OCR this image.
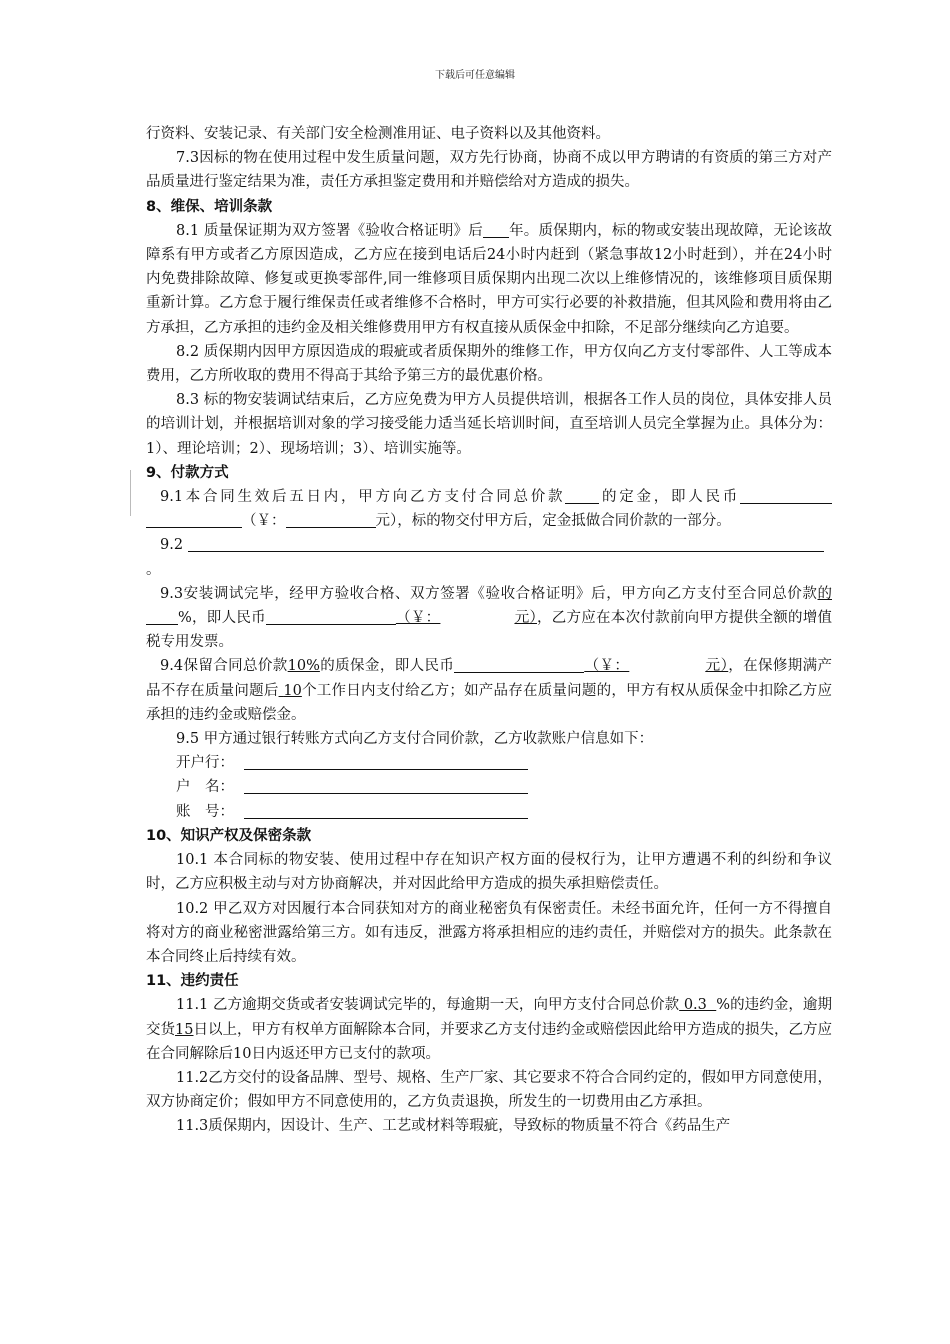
下载后可任意编辑

行资料、安装记录、有关部门安全检测准用证、电子资料以及其他资料。

7.3因标的物在使用过程中发生质量问题，双方先行协商，协商不成以甲方聘请的有资质的第三方对产品质量进行鉴定结果为准，责任方承担鉴定费用和并赔偿给对方造成的损失。

8、维保、培训条款

8.1 质量保证期为双方签署《验收合格证明》后 年。质保期内，标的物或安装出现故障，无论该故障系有甲方或者乙方原因造成，乙方应在接到电话后24小时内赶到（紧急事故12小时赶到），并在24小时内免费排除故障、修复或更换零部件,同一维修项目质保期内出现二次以上维修情况的，该维修项目质保期重新计算。乙方怠于履行维保责任或者维修不合格时，甲方可实行必要的补救措施，但其风险和费用将由乙方承担，乙方承担的违约金及相关维修费用甲方有权直接从质保金中扣除，不足部分继续向乙方追要。

8.2 质保期内因甲方原因造成的瑕疵或者质保期外的维修工作，甲方仅向乙方支付零部件、人工等成本费用，乙方所收取的费用不得高于其给予第三方的最优惠价格。

8.3 标的物安装调试结束后，乙方应免费为甲方人员提供培训，根据各工作人员的岗位，具体安排人员的培训计划，并根据培训对象的学习接受能力适当延长培训时间，直至培训人员完全掌握为止。具体分为：1）、理论培训；2）、现场培训；3）、培训实施等。

9、付款方式

9.1本合同生效后五日内，甲方向乙方支付合同总价款 的定金，即人民币（￥：	元），标的物交付甲方后，定金抵做合同价款的一部分。

9.2

。

9.3安装调试完毕，经甲方验收合格、双方签署《验收合格证明》后，甲方向乙方支付至合同总价款的%，即人民币	（￥：	元），乙方应在本次付款前向甲方提供全额的增值税专用发票。

9.4保留合同总价款10%的质保金，即人民币	（￥：	元），在保修期满产品不存在质量问题后 10个工作日内支付给乙方；如产品存在质量问题的，甲方有权从质保金中扣除乙方应承担的违约金或赔偿金。

9.5 甲方通过银行转账方式向乙方支付合同价款，乙方收款账户信息如下：

开户行：

户　名：

账　号：

10、知识产权及保密条款

10.1 本合同标的物安装、使用过程中存在知识产权方面的侵权行为，让甲方遭遇不利的纠纷和争议时，乙方应积极主动与对方协商解决，并对因此给甲方造成的损失承担赔偿责任。

10.2 甲乙双方对因履行本合同获知对方的商业秘密负有保密责任。未经书面允许，任何一方不得擅自将对方的商业秘密泄露给第三方。如有违反，泄露方将承担相应的违约责任，并赔偿对方的损失。此条款在本合同终止后持续有效。

11、违约责任

11.1 乙方逾期交货或者安装调试完毕的，每逾期一天，向甲方支付合同总价款 0.3  %的违约金，逾期交货15日以上，甲方有权单方面解除本合同，并要求乙方支付违约金或赔偿因此给甲方造成的损失，乙方应在合同解除后10日内返还甲方已支付的款项。

11.2乙方交付的设备品牌、型号、规格、生产厂家、其它要求不符合合同约定的，假如甲方同意使用，双方协商定价；假如甲方不同意使用的，乙方负责退换，所发生的一切费用由乙方承担。

11.3质保期内，因设计、生产、工艺或材料等瑕疵，导致标的物质量不符合《药品生产
